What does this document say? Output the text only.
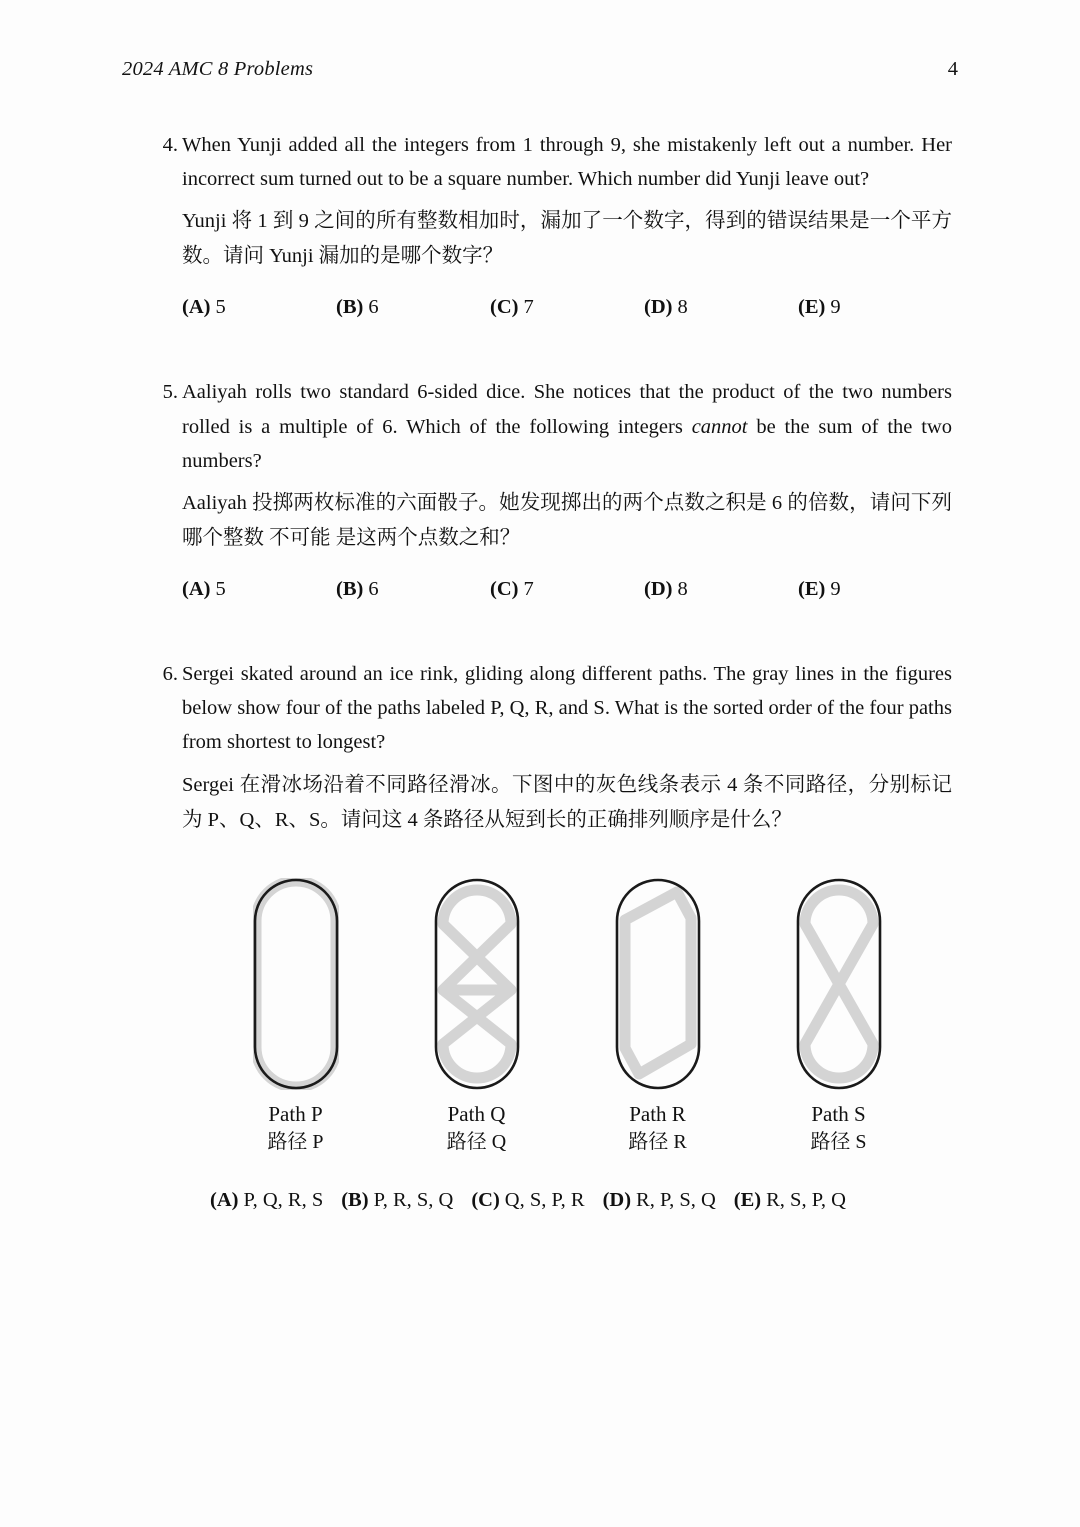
2024 AMC 8 Problems	4
4. When Yunji added all the integers from 1 through 9, she mistakenly left out a number. Her incorrect sum turned out to be a square number. Which number did Yunji leave out?

Yunji 将 1 到 9 之间的所有整数相加时，漏加了一个数字，得到的错误结果是一个平方数。请问 Yunji 漏加的是哪个数字？

(A) 5	(B) 6	(C) 7	(D) 8	(E) 9
5. Aaliyah rolls two standard 6-sided dice. She notices that the product of the two numbers rolled is a multiple of 6. Which of the following integers cannot be the sum of the two numbers?

Aaliyah 投掷两枚标准的六面骰子。她发现掷出的两个点数之积是 6 的倍数，请问下列哪个整数 不可能 是这两个点数之和？

(A) 5	(B) 6	(C) 7	(D) 8	(E) 9
6. Sergei skated around an ice rink, gliding along different paths. The gray lines in the figures below show four of the paths labeled P, Q, R, and S. What is the sorted order of the four paths from shortest to longest?

Sergei 在滑冰场沿着不同路径滑冰。下图中的灰色线条表示 4 条不同路径，分别标记为 P、Q、R、S。请问这 4 条路径从短到长的正确排列顺序是什么？

Path P
路径 P
Path Q
路径 Q
Path R
路径 R
Path S
路径 S
(A) P, Q, R, S (B) P, R, S, Q (C) Q, S, P, R (D) R, P, S, Q (E) R, S, P, Q
